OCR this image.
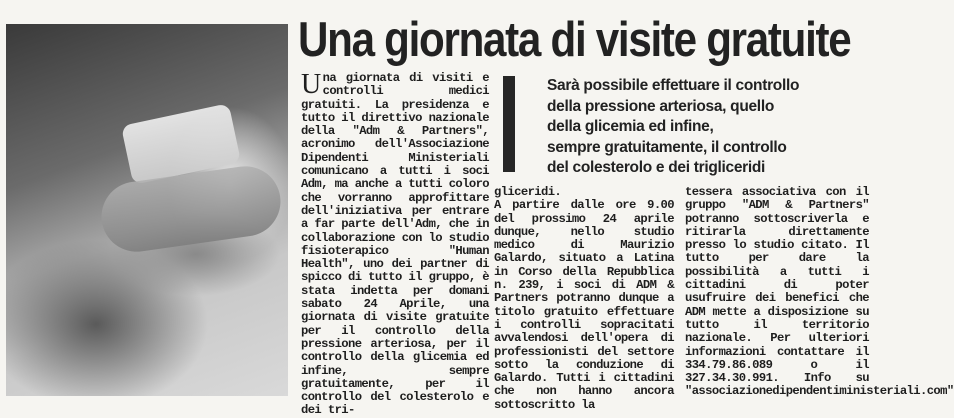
Una giornata di visite gratuite
U na giornata di visiti e controlli medici gratuiti. La presidenza e tutto il direttivo nazionale della "Adm & Partners", acronimo dell'Associazione Dipendenti Ministeriali comunicano a tutti i soci Adm, ma anche a tutti coloro che vorranno approfittare dell'iniziativa per entrare a far parte dell'Adm, che in collaborazione con lo studio fisioterapico "Human Health", uno dei partner di spicco di tutto il gruppo, è stata indetta per domani sabato 24 Aprile, una giornata di visite gratuite per il controllo della pressione arteriosa, per il controllo della glicemia ed infine, sempre gratuitamente, per il controllo del colesterolo e dei tri-

Sarà possibile effettuare il controllo
della pressione arteriosa, quello
della glicemia ed infine,
sempre gratuitamente, il controllo
del colesterolo e dei trigliceridi

gliceridi.

A partire dalle ore 9.00 del prossimo 24 aprile dunque, nello studio medico di Maurizio Galardo, situato a Latina in Corso della Repubblica n. 239, i soci di ADM & Partners potranno dunque a titolo gratuito effettuare i controlli sopracitati avvalendosi dell'opera di professionisti del settore sotto la conduzione di Galardo. Tutti i cittadini che non hanno ancora sottoscritto la

tessera associativa con il gruppo "ADM & Partners" potranno sottoscriverla e ritirarla direttamente presso lo studio citato. Il tutto per dare la possibilità a tutti i cittadini di poter usufruire dei benefici che ADM mette a disposizione su tutto il territorio nazionale. Per ulteriori informazioni contattare il 334.79.86.089 o il 327.34.30.991. Info su "associazionedipendentiministeriali.com"
